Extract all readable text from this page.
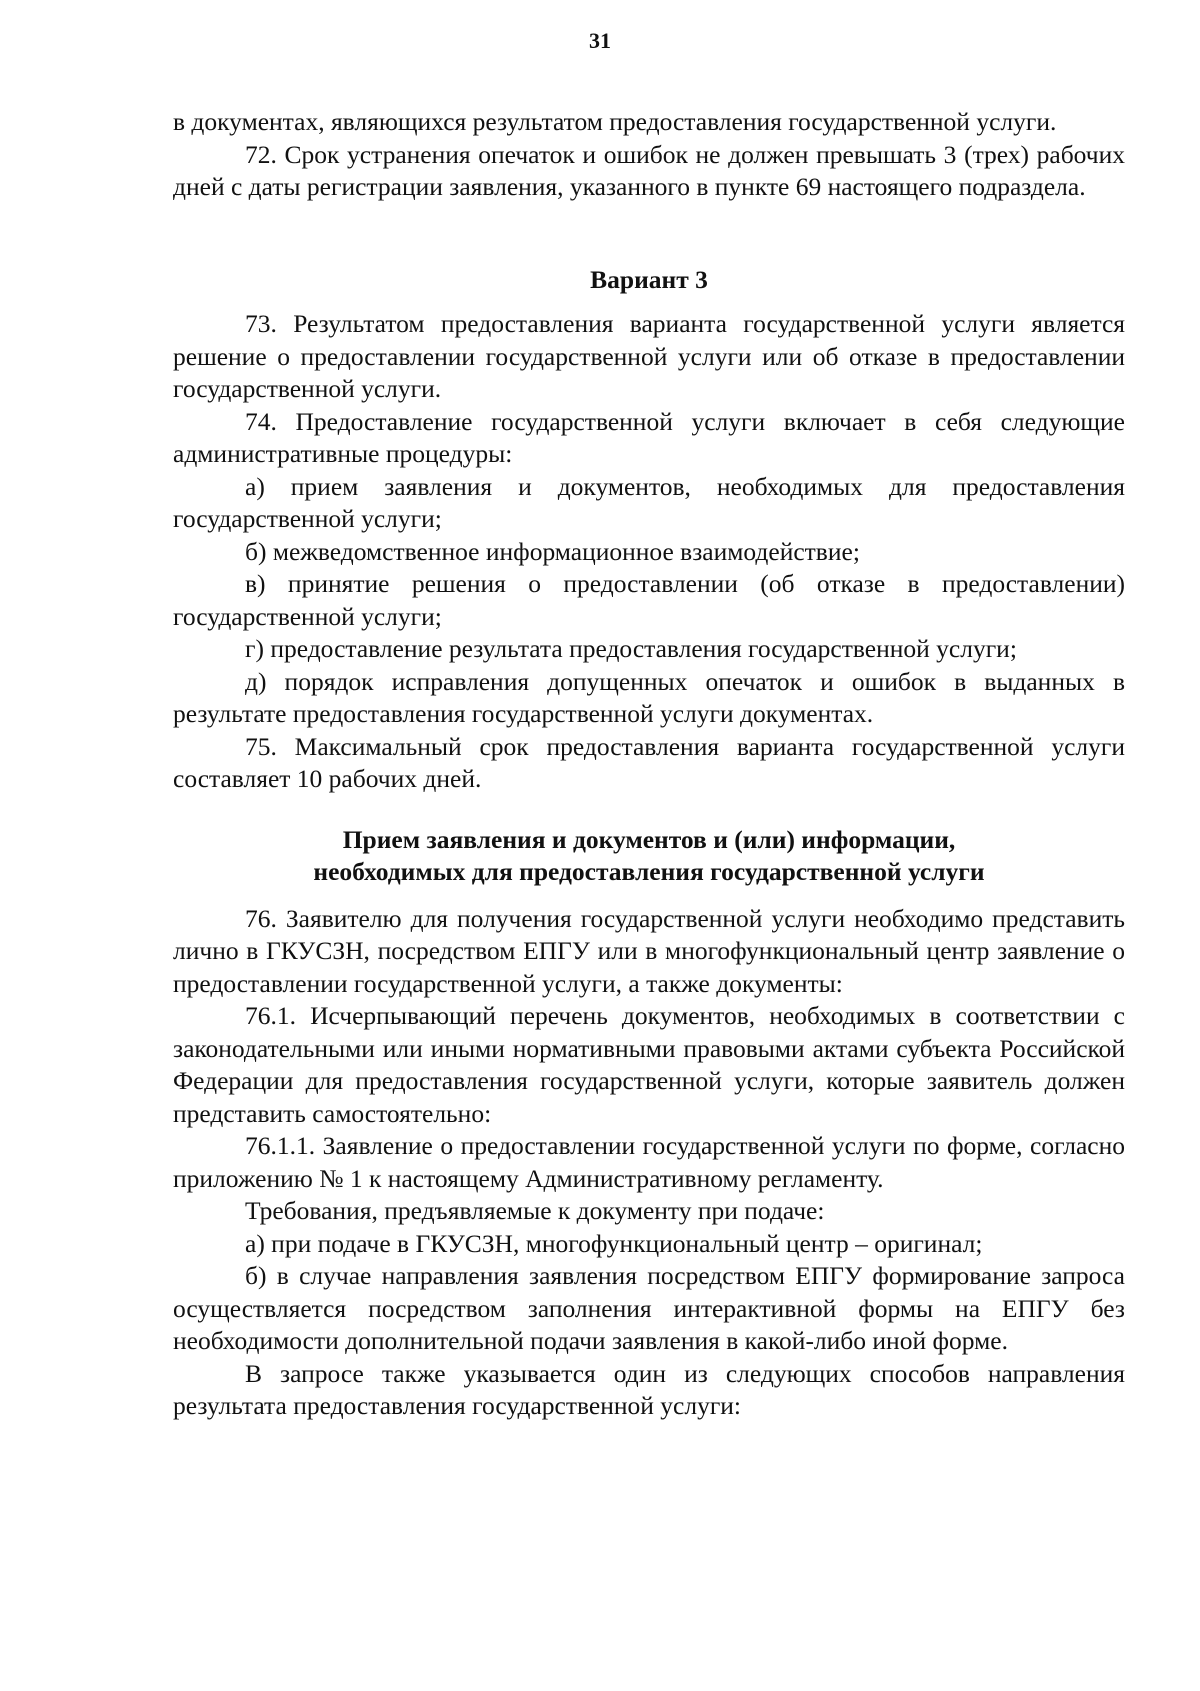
31

в документах, являющихся результатом предоставления государственной услуги.

72. Срок устранения опечаток и ошибок не должен превышать 3 (трех) рабочих дней с даты регистрации заявления, указанного в пункте 69 настоящего подраздела.

Вариант 3

73. Результатом предоставления варианта государственной услуги является решение о предоставлении государственной услуги или об отказе в предоставлении государственной услуги.

74. Предоставление государственной услуги включает в себя следующие административные процедуры:

а) прием заявления и документов, необходимых для предоставления государственной услуги;

б) межведомственное информационное взаимодействие;

в) принятие решения о предоставлении (об отказе в предоставлении) государственной услуги;

г) предоставление результата предоставления государственной услуги;

д) порядок исправления допущенных опечаток и ошибок в выданных в результате предоставления государственной услуги документах.

75. Максимальный срок предоставления варианта государственной услуги составляет 10 рабочих дней.

Прием заявления и документов и (или) информации,
необходимых для предоставления государственной услуги

76. Заявителю для получения государственной услуги необходимо представить лично в ГКУСЗН, посредством ЕПГУ или в многофункциональный центр заявление о предоставлении государственной услуги, а также документы:

76.1. Исчерпывающий перечень документов, необходимых в соответствии с законодательными или иными нормативными правовыми актами субъекта Российской Федерации для предоставления государственной услуги, которые заявитель должен представить самостоятельно:

76.1.1. Заявление о предоставлении государственной услуги по форме, согласно приложению № 1 к настоящему Административному регламенту.

Требования, предъявляемые к документу при подаче:

а) при подаче в ГКУСЗН, многофункциональный центр – оригинал;

б) в случае направления заявления посредством ЕПГУ формирование запроса осуществляется посредством заполнения интерактивной формы на ЕПГУ без необходимости дополнительной подачи заявления в какой-либо иной форме.

В запросе также указывается один из следующих способов направления результата предоставления государственной услуги:
